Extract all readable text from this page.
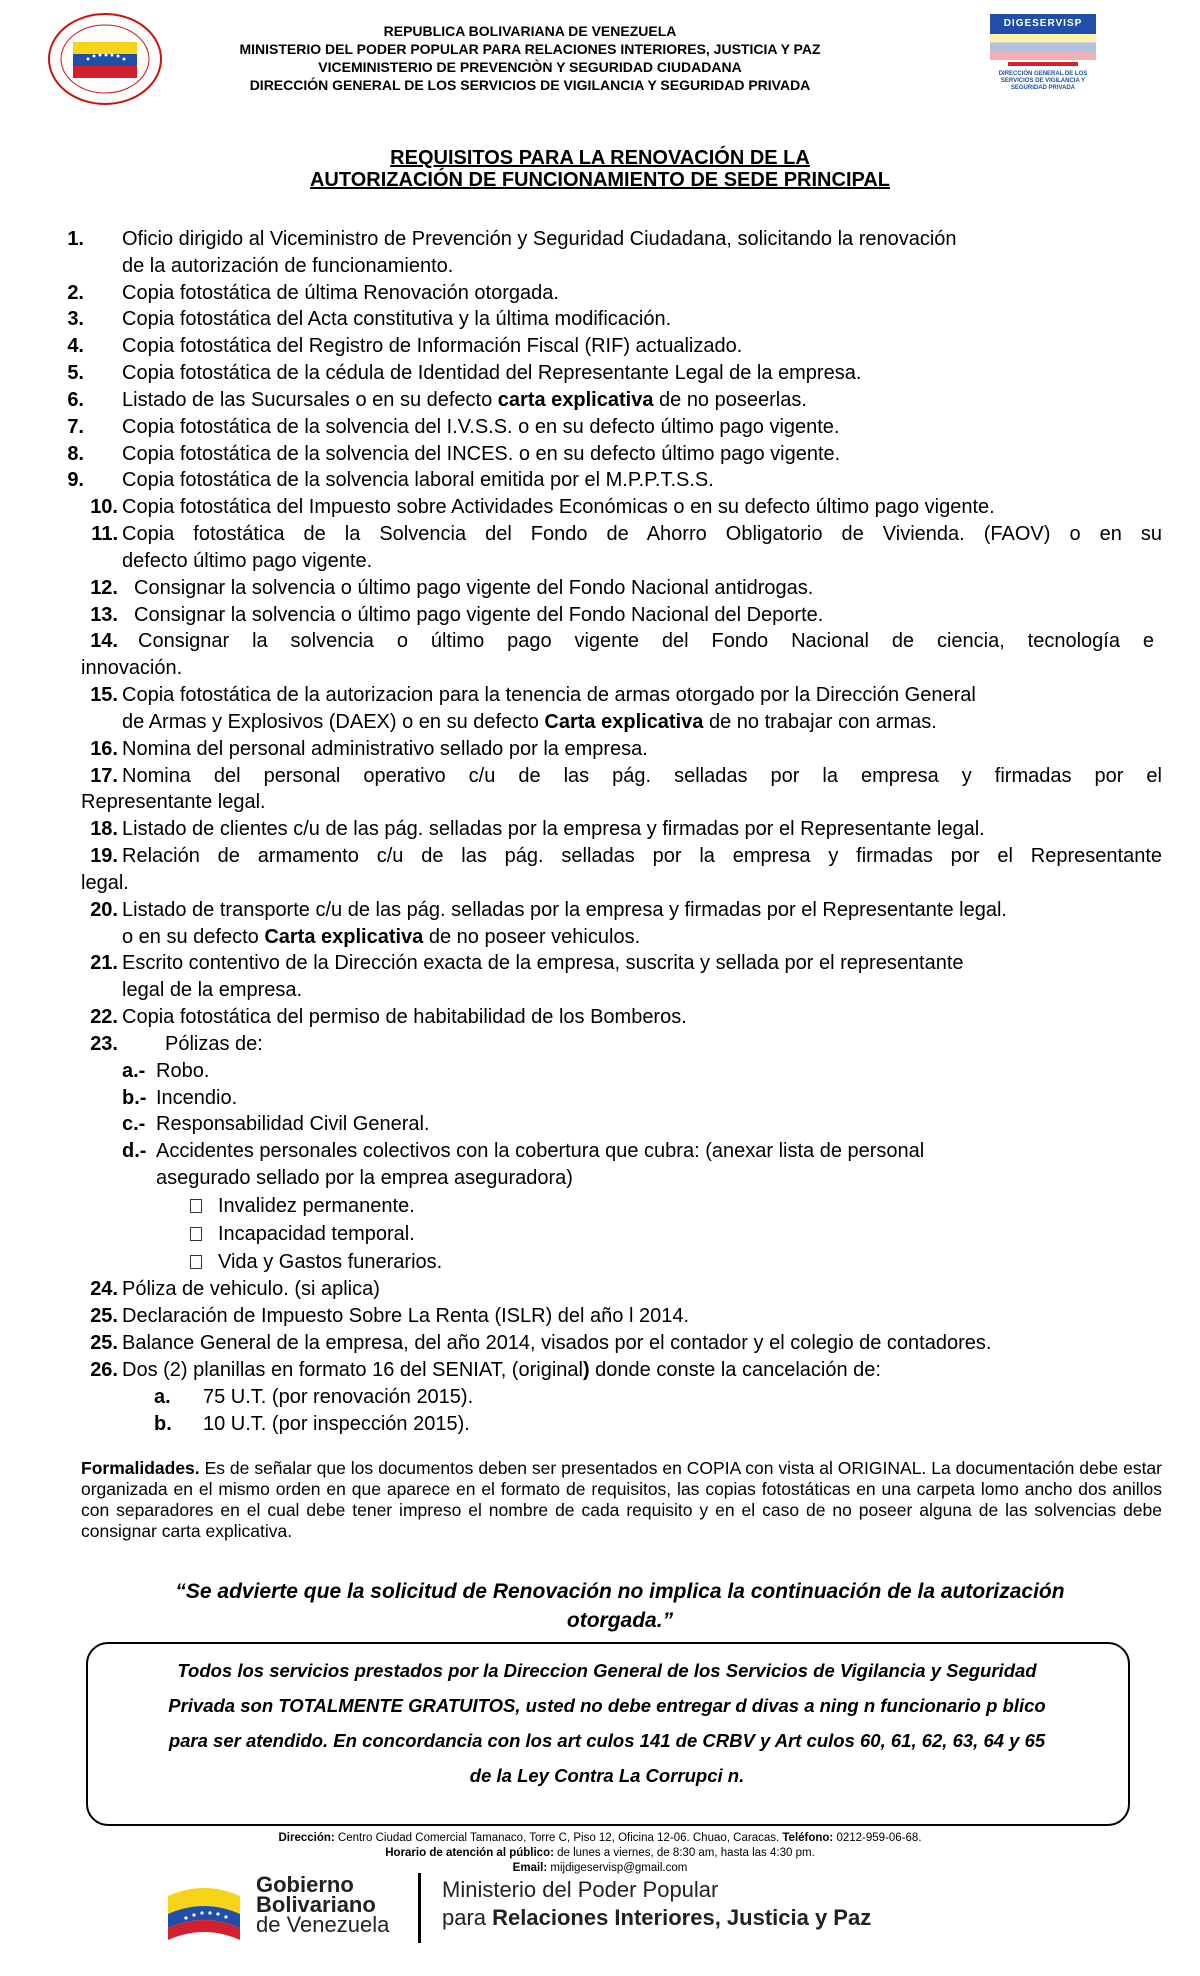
REPUBLICA BOLIVARIANA DE VENEZUELA
MINISTERIO DEL PODER POPULAR PARA RELACIONES INTERIORES, JUSTICIA Y PAZ
VICEMINISTERIO DE PREVENCIÒN Y SEGURIDAD CIUDADANA
DIRECCIÓN GENERAL DE LOS SERVICIOS DE VIGILANCIA Y SEGURIDAD PRIVADA
DIGESERVISP
DIRECCIÓN GENERAL DE LOS SERVICIOS DE VIGILANCIA Y SEGURIDAD PRIVADA
REQUISITOS PARA LA RENOVACIÓN DE LA
AUTORIZACIÓN DE FUNCIONAMIENTO DE SEDE PRINCIPAL
1. Oficio dirigido al Viceministro de Prevención y Seguridad Ciudadana, solicitando la renovación
de la autorización de funcionamiento.
2. Copia fotostática de última Renovación otorgada.
3. Copia fotostática del Acta constitutiva y la última modificación.
4. Copia fotostática del Registro de Información Fiscal (RIF) actualizado.
5. Copia fotostática de la cédula de Identidad del Representante Legal de la empresa.
6. Listado de las Sucursales o en su defecto carta explicativa de no poseerlas.
7. Copia fotostática de la solvencia del I.V.S.S. o en su defecto último pago vigente.
8. Copia fotostática de la solvencia del INCES. o en su defecto último pago vigente.
9. Copia fotostática de la solvencia laboral emitida por el M.P.P.T.S.S.
10. Copia fotostática del Impuesto sobre Actividades Económicas o en su defecto último pago vigente.
11. Copia fotostática de la Solvencia del Fondo de Ahorro Obligatorio de Vivienda. (FAOV) o en su
defecto último pago vigente.
12. Consignar la solvencia o último pago vigente del Fondo Nacional antidrogas.
13. Consignar la solvencia o último pago vigente del Fondo Nacional del Deporte.
14. Consignar la solvencia o último pago vigente del Fondo Nacional de ciencia, tecnología e
innovación.
15. Copia fotostática de la autorizacion para la tenencia de armas otorgado por la Dirección General
de Armas y Explosivos (DAEX) o en su defecto Carta explicativa de no trabajar con armas.
16. Nomina del personal administrativo sellado por la empresa.
17. Nomina del personal operativo c/u de las pág. selladas por la empresa y firmadas por el
Representante legal.
18. Listado de clientes c/u de las pág. selladas por la empresa y firmadas por el Representante legal.
19. Relación de armamento c/u de las pág. selladas por la empresa y firmadas por el Representante
legal.
20. Listado de transporte c/u de las pág. selladas por la empresa y firmadas por el Representante legal.
o en su defecto Carta explicativa de no poseer vehiculos.
21. Escrito contentivo de la Dirección exacta de la empresa, suscrita y sellada por el representante
legal de la empresa.
22. Copia fotostática del permiso de habitabilidad de los Bomberos.
23. Pólizas de:
a.- Robo.
b.- Incendio.
c.- Responsabilidad Civil General.
d.- Accidentes personales colectivos con la cobertura que cubra: (anexar lista de personal
asegurado sellado por la emprea aseguradora)
Invalidez permanente.
Incapacidad temporal.
Vida y Gastos funerarios.
24. Póliza de vehiculo. (si aplica)
25. Declaración de Impuesto Sobre La Renta (ISLR) del año l 2014.
25. Balance General de la empresa, del año 2014, visados por el contador y el colegio de contadores.
26. Dos (2) planillas en formato 16 del SENIAT, (original) donde conste la cancelación de:
a. 75 U.T. (por renovación 2015).
b. 10 U.T. (por inspección 2015).
Formalidades. Es de señalar que los documentos deben ser presentados en COPIA con vista al ORIGINAL. La documentación debe estar organizada en el mismo orden en que aparece en el formato de requisitos, las copias fotostáticas en una carpeta lomo ancho dos anillos con separadores en el cual debe tener impreso el nombre de cada requisito y en el caso de no poseer alguna de las solvencias debe consignar carta explicativa.
“Se advierte que la solicitud de Renovación no implica la continuación de la autorización
otorgada.”
Todos los servicios prestados por la Direccion General de los Servicios de Vigilancia y Seguridad
Privada son TOTALMENTE GRATUITOS, usted no debe entregar d divas a ning n funcionario p blico
para ser atendido. En concordancia con los art culos 141 de CRBV y Art culos 60, 61, 62, 63, 64 y 65
de la Ley Contra La Corrupci n.
Dirección: Centro Ciudad Comercial Tamanaco, Torre C, Piso 12, Oficina 12-06. Chuao, Caracas. Teléfono: 0212-959-06-68.
Horario de atención al público: de lunes a viernes, de 8:30 am, hasta las 4:30 pm.
Email: mijdigeservisp@gmail.com
Gobierno
Bolivariano
de Venezuela
Ministerio del Poder Popular
para Relaciones Interiores, Justicia y Paz
